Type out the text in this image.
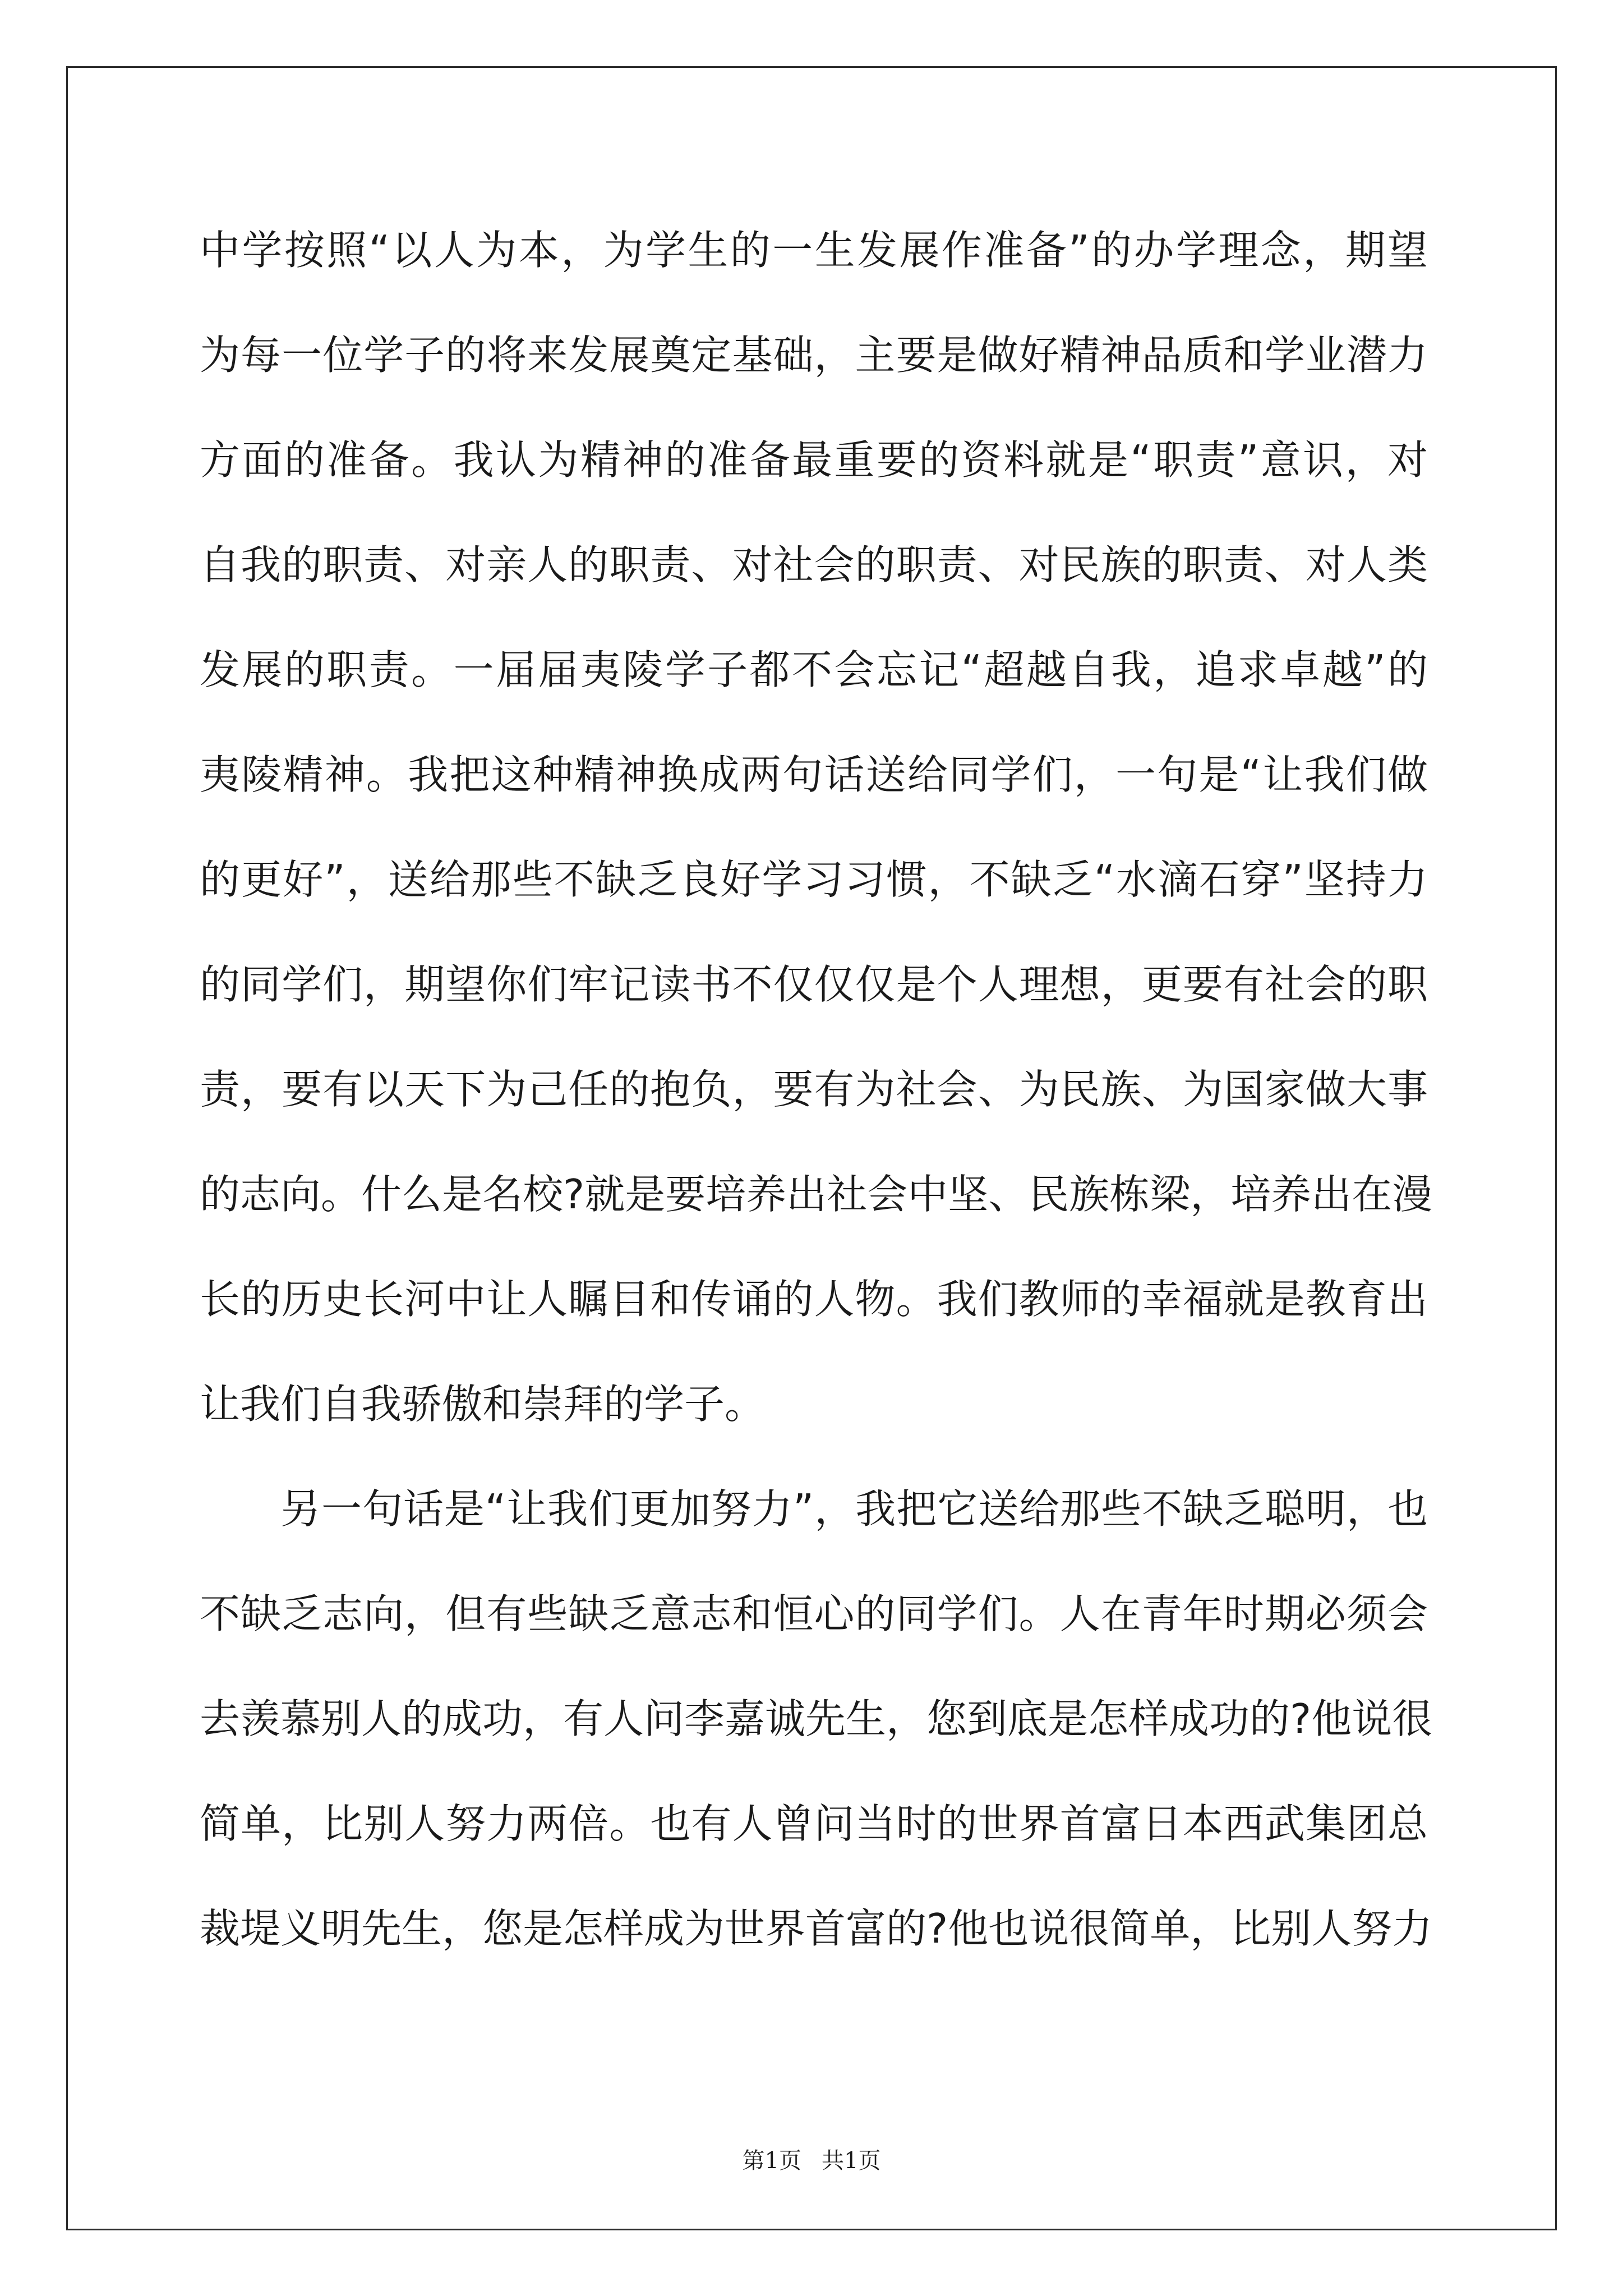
中学按照“以人为本，为学生的一生发展作准备”的办学理念，期望
为每一位学子的将来发展奠定基础，主要是做好精神品质和学业潜力
方面的准备。我认为精神的准备最重要的资料就是“职责”意识，对
自我的职责、对亲人的职责、对社会的职责、对民族的职责、对人类
发展的职责。一届届夷陵学子都不会忘记“超越自我，追求卓越”的
夷陵精神。我把这种精神换成两句话送给同学们，一句是“让我们做
的更好”，送给那些不缺乏良好学习习惯，不缺乏“水滴石穿”坚持力
的同学们，期望你们牢记读书不仅仅仅是个人理想，更要有社会的职
责，要有以天下为己任的抱负，要有为社会、为民族、为国家做大事
的志向。什么是名校?就是要培养出社会中坚、民族栋梁，培养出在漫
长的历史长河中让人瞩目和传诵的人物。我们教师的幸福就是教育出
让我们自我骄傲和崇拜的学子。
另一句话是“让我们更加努力”，我把它送给那些不缺乏聪明，也
不缺乏志向，但有些缺乏意志和恒心的同学们。人在青年时期必须会
去羡慕别人的成功，有人问李嘉诚先生，您到底是怎样成功的?他说很
简单，比别人努力两倍。也有人曾问当时的世界首富日本西武集团总
裁堤义明先生，您是怎样成为世界首富的?他也说很简单，比别人努力
第1页 共1页
